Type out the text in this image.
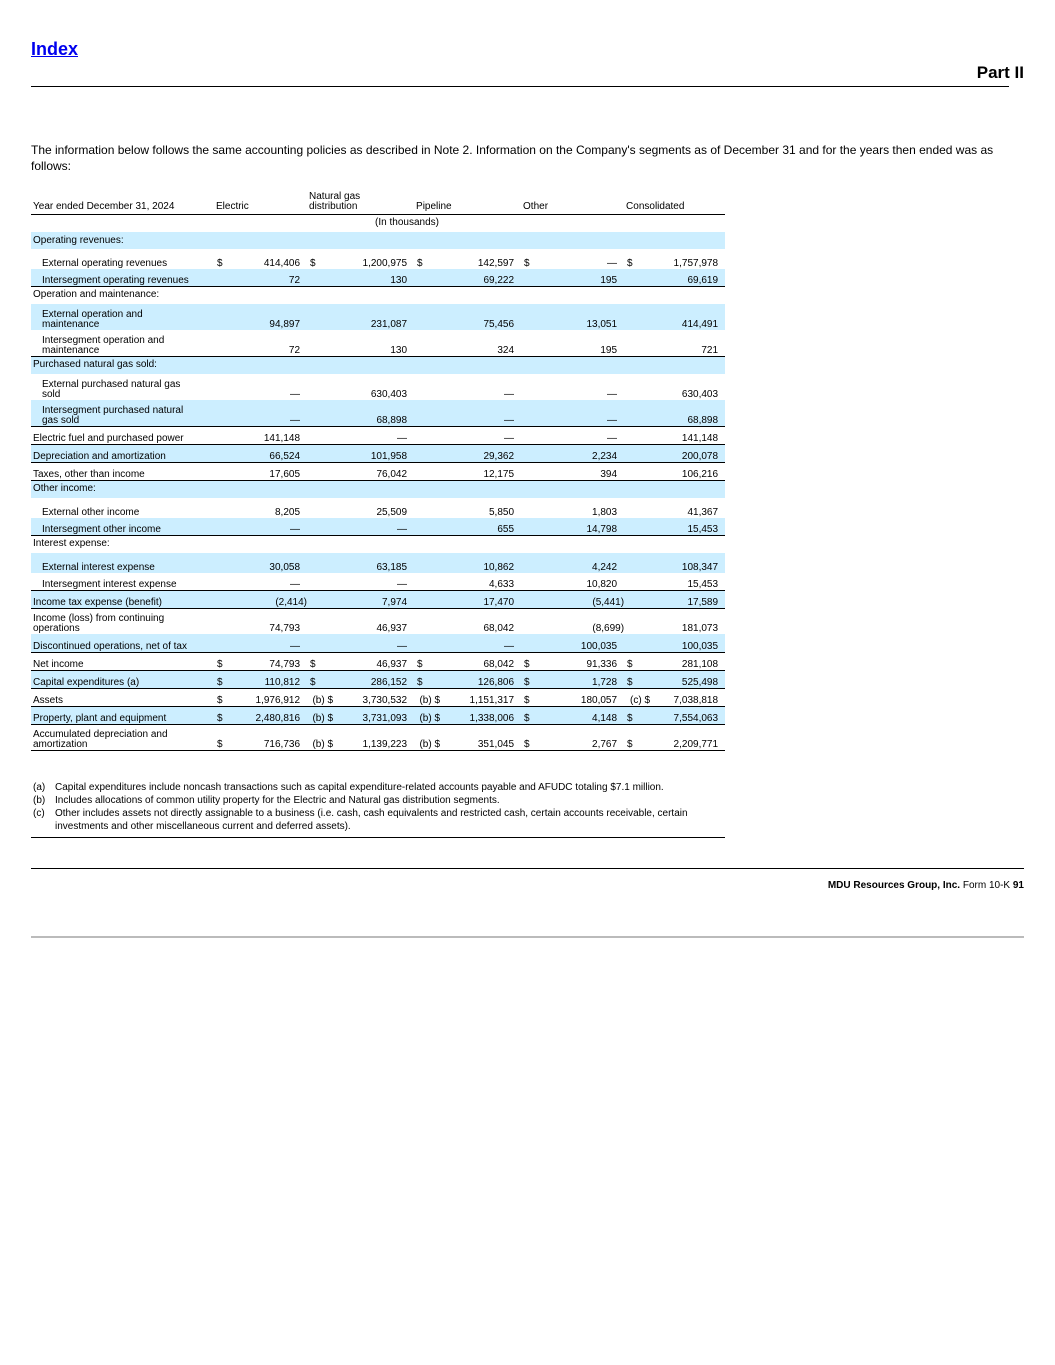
Index
Part II
The information below follows the same accounting policies as described in Note 2. Information on the Company's segments as of December 31 and for the years then ended was as follows:
Year ended December 31, 2024	Electric		Natural gas
distribution		Pipeline		Other		Consolidated	
(In thousands)										
Operating revenues:										
External operating revenues	$	414,406	$	1,200,975	$	142,597	$	—	$	1,757,978
Intersegment operating revenues		72		130		69,222		195		69,619
Operation and maintenance:										
External operation and
maintenance		94,897		231,087		75,456		13,051		414,491
Intersegment operation and
maintenance		72		130		324		195		721
Purchased natural gas sold:										
External purchased natural gas
sold		—		630,403		—		—		630,403
Intersegment purchased natural
gas sold		—		68,898		—		—		68,898
Electric fuel and purchased power		141,148		—		—		—		141,148
Depreciation and amortization		66,524		101,958		29,362		2,234		200,078
Taxes, other than income		17,605		76,042		12,175		394		106,216
Other income:										
External other income		8,205		25,509		5,850		1,803		41,367
Intersegment other income		—		—		655		14,798		15,453
Interest expense:										
External interest expense		30,058		63,185		10,862		4,242		108,347
Intersegment interest expense		—		—		4,633		10,820		15,453
Income tax expense (benefit)		(2,414)		7,974		17,470		(5,441)		17,589
Income (loss) from continuing
operations		74,793		46,937		68,042		(8,699)		181,073
Discontinued operations, net of tax		—		—		—		100,035		100,035
Net income	$	74,793	$	46,937	$	68,042	$	91,336	$	281,108
Capital expenditures (a)	$	110,812	$	286,152	$	126,806	$	1,728	$	525,498
Assets	$	1,976,912	(b) $	3,730,532	(b) $	1,151,317	$	180,057	(c) $	7,038,818
Property, plant and equipment	$	2,480,816	(b) $	3,731,093	(b) $	1,338,006	$	4,148	$	7,554,063
Accumulated depreciation and
amortization	$	716,736	(b) $	1,139,223	(b) $	351,045	$	2,767	$	2,209,771
(a) Capital expenditures include noncash transactions such as capital expenditure-related accounts payable and AFUDC totaling $7.1 million.
(b) Includes allocations of common utility property for the Electric and Natural gas distribution segments.
(c)	Other includes assets not directly assignable to a business (i.e. cash, cash equivalents and restricted cash, certain accounts receivable, certain investments and other miscellaneous current and deferred assets).
MDU Resources Group, Inc. Form 10-K 91
